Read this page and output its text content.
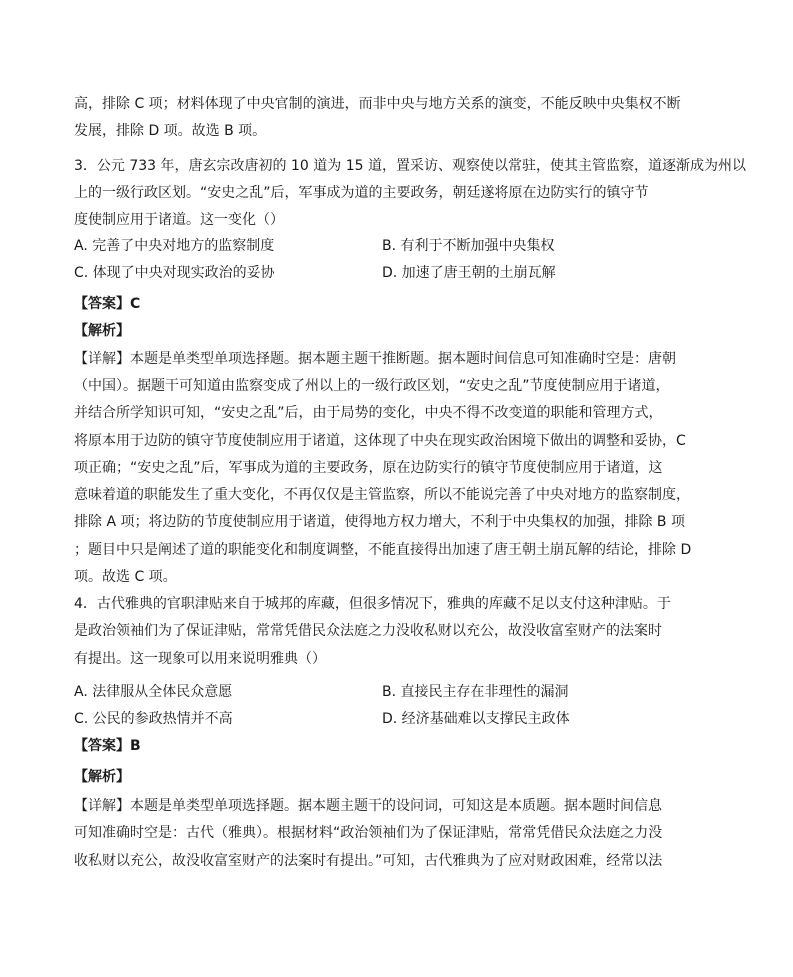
高，排除 C 项；材料体现了中央官制的演进，而非中央与地方关系的演变，不能反映中央集权不断
发展，排除 D 项。故选 B 项。
3．公元 733 年，唐玄宗改唐初的 10 道为 15 道，置采访、观察使以常驻，使其主管监察，道逐渐成为州以
上的一级行政区划。“安史之乱”后，军事成为道的主要政务，朝廷遂将原在边防实行的镇守节
度使制应用于诸道。这一变化（）
A. 完善了中央对地方的监察制度	B. 有利于不断加强中央集权
C. 体现了中央对现实政治的妥协	D. 加速了唐王朝的土崩瓦解
【答案】C
【解析】
【详解】本题是单类型单项选择题。据本题主题干推断题。据本题时间信息可知准确时空是：唐朝
（中国）。据题干可知道由监察变成了州以上的一级行政区划，“安史之乱”节度使制应用于诸道，
并结合所学知识可知，“安史之乱”后，由于局势的变化，中央不得不改变道的职能和管理方式，
将原本用于边防的镇守节度使制应用于诸道，这体现了中央在现实政治困境下做出的调整和妥协，C
项正确；“安史之乱”后，军事成为道的主要政务，原在边防实行的镇守节度使制应用于诸道，这
意味着道的职能发生了重大变化，不再仅仅是主管监察，所以不能说完善了中央对地方的监察制度，
排除 A 项；将边防的节度使制应用于诸道，使得地方权力增大，不利于中央集权的加强，排除 B 项
；题目中只是阐述了道的职能变化和制度调整，不能直接得出加速了唐王朝土崩瓦解的结论，排除 D
项。故选 C 项。
4．古代雅典的官职津贴来自于城邦的库藏，但很多情况下，雅典的库藏不足以支付这种津贴。于
是政治领袖们为了保证津贴，常常凭借民众法庭之力没收私财以充公，故没收富室财产的法案时
有提出。这一现象可以用来说明雅典（）
A. 法律服从全体民众意愿	B. 直接民主存在非理性的漏洞
C. 公民的参政热情并不高	D. 经济基础难以支撑民主政体
【答案】B
【解析】
【详解】本题是单类型单项选择题。据本题主题干的设问词，可知这是本质题。据本题时间信息
可知准确时空是：古代（雅典）。根据材料“政治领袖们为了保证津贴，常常凭借民众法庭之力没
收私财以充公，故没收富室财产的法案时有提出。”可知，古代雅典为了应对财政困难，经常以法
